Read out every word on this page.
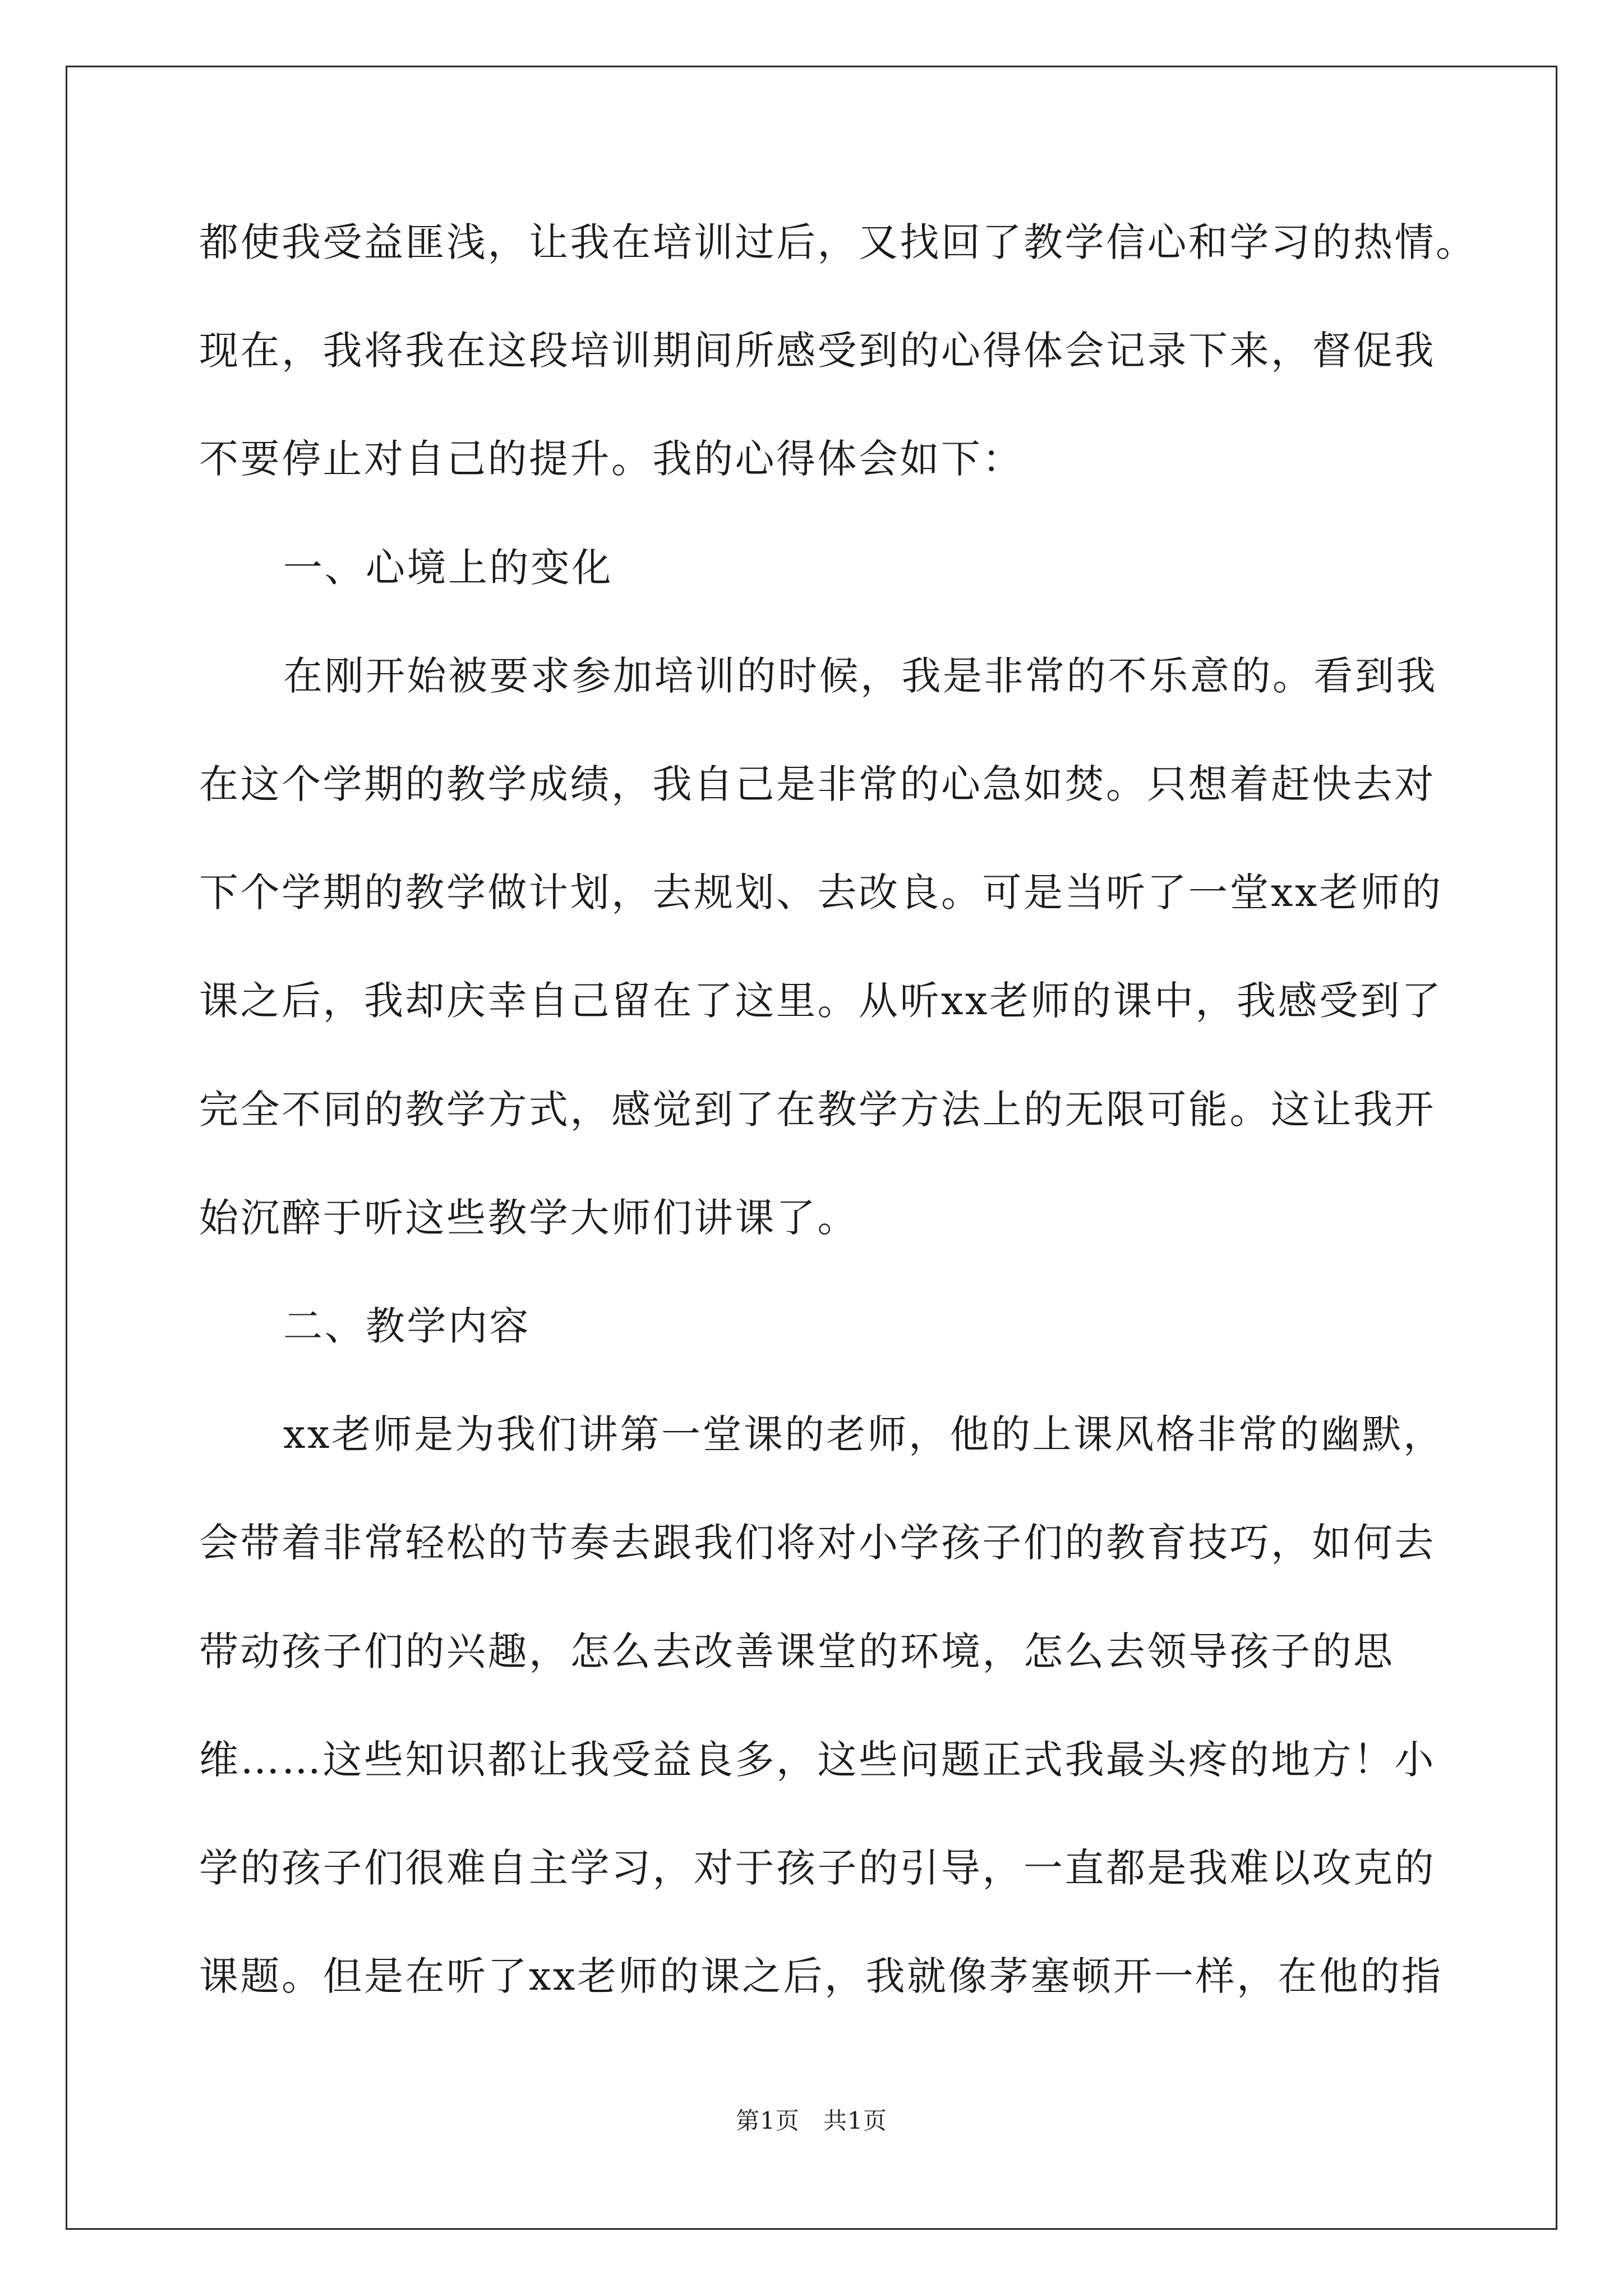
都使我受益匪浅，让我在培训过后，又找回了教学信心和学习的热情。
现在，我将我在这段培训期间所感受到的心得体会记录下来，督促我
不要停止对自己的提升。我的心得体会如下：
一、心境上的变化
在刚开始被要求参加培训的时候，我是非常的不乐意的。看到我
在这个学期的教学成绩，我自己是非常的心急如焚。只想着赶快去对
下个学期的教学做计划，去规划、去改良。可是当听了一堂xx老师的
课之后，我却庆幸自己留在了这里。从听xx老师的课中，我感受到了
完全不同的教学方式，感觉到了在教学方法上的无限可能。这让我开
始沉醉于听这些教学大师们讲课了。
二、教学内容
xx老师是为我们讲第一堂课的老师，他的上课风格非常的幽默，
会带着非常轻松的节奏去跟我们将对小学孩子们的教育技巧，如何去
带动孩子们的兴趣，怎么去改善课堂的环境，怎么去领导孩子的思
维……这些知识都让我受益良多，这些问题正式我最头疼的地方！小
学的孩子们很难自主学习，对于孩子的引导，一直都是我难以攻克的
课题。但是在听了xx老师的课之后，我就像茅塞顿开一样，在他的指
第1页 共1页
